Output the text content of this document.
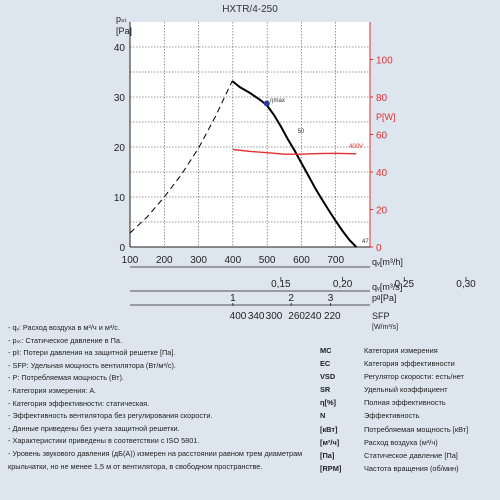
HXTR/4-250
0
10
20
30
40
pₛₜ
[Pa]
0
20
40
60
80
100
P[W]
100 200 300 400 500 600 700	qᵥ[m³/h]
0,15	0,20	0,25	0,30
qᵥ[m³/s]
1	2	3	pᵍ[Pa]
400 340 300 260 240 220	SFP
ηmax
50
400V
47
[W/m³/s]
- qᵥ: Расход воздуха в м³/ч и м³/с.
- pₛₜ: Статическое давление в Па.
- pᵍ: Потери давления на защитной решетке [Па].
- SFP: Удельная мощность вентилятора (Вт/м³/с).
- P: Потребляемая мощность (Вт).
- Категория измерения: А.
- Категория эффективности: статическая.
- Эффективность вентилятора без регулирования скорости.
- Данные приведены без учета защитной решетки.
- Характеристики приведены в соответствии с ISO 5801.
- Уровень звукового давления (дБ(А)) измерен на расстоянии равном трем диаметрам крыльчатки, но не менее 1,5 м от вентилятора, в свободном пространстве.
MC	Категория измерения
EC	Категория эффективности
VSD	Регулятор скорости: есть/нет
SR	Удельный коэффициент
η[%]	Полная эффективность
N	Эффективность
[кВт]	Потребляемая мощность [кВт]
[м³/ч]	Расход воздуха (м³/ч)
[Па]	Статическое давление [Па]
[RPM]	Частота вращения (об/мин)
